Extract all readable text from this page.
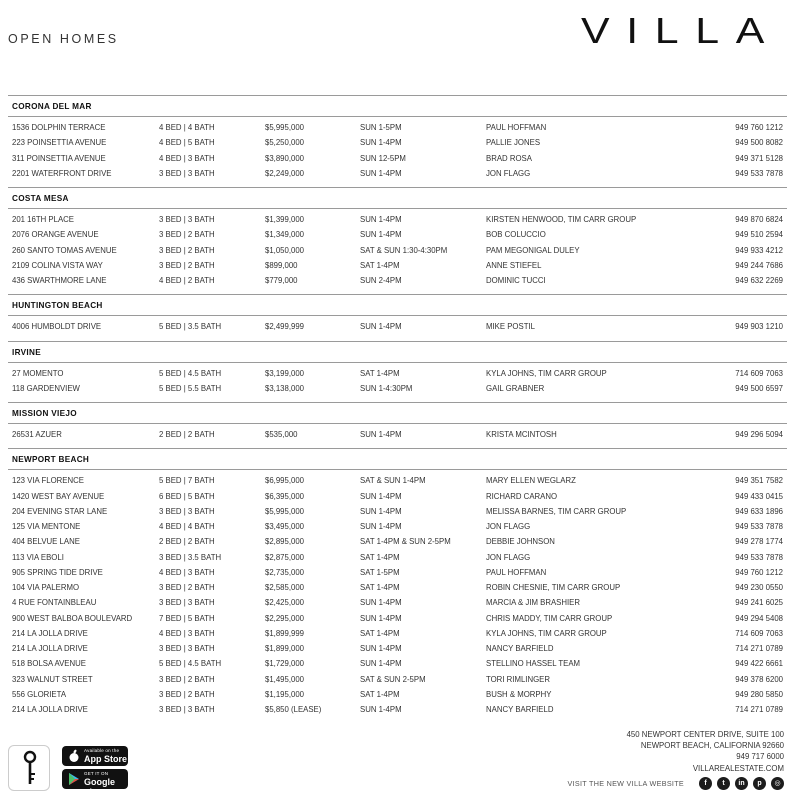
OPEN HOMES	VILLA
CORONA DEL MAR
1536 DOLPHIN TERRACE	4 BED | 4 BATH	$5,995,000	SUN 1-5PM	PAUL HOFFMAN	949 760 1212
223 POINSETTIA AVENUE	4 BED | 5 BATH	$5,250,000	SUN 1-4PM	PALLIE JONES	949 500 8082
311 POINSETTIA AVENUE	4 BED | 3 BATH	$3,890,000	SUN 12-5PM	BRAD ROSA	949 371 5128
2201 WATERFRONT DRIVE	3 BED | 3 BATH	$2,249,000	SUN 1-4PM	JON FLAGG	949 533 7878
COSTA MESA
201 16TH PLACE	3 BED | 3 BATH	$1,399,000	SUN 1-4PM	KIRSTEN HENWOOD, TIM CARR GROUP	949 870 6824
2076 ORANGE AVENUE	3 BED | 2 BATH	$1,349,000	SUN 1-4PM	BOB COLUCCIO	949 510 2594
260 SANTO TOMAS AVENUE	3 BED | 2 BATH	$1,050,000	SAT & SUN 1:30-4:30PM	PAM MEGONIGAL DULEY	949 933 4212
2109 COLINA VISTA WAY	3 BED | 2 BATH	$899,000	SAT 1-4PM	ANNE STIEFEL	949 244 7686
436 SWARTHMORE LANE	4 BED | 2 BATH	$779,000	SUN 2-4PM	DOMINIC TUCCI	949 632 2269
HUNTINGTON BEACH
4006 HUMBOLDT DRIVE	5 BED | 3.5 BATH	$2,499,999	SUN 1-4PM	MIKE POSTIL	949 903 1210
IRVINE
27 MOMENTO	5 BED | 4.5 BATH	$3,199,000	SAT 1-4PM	KYLA JOHNS, TIM CARR GROUP	714 609 7063
118 GARDENVIEW	5 BED | 5.5 BATH	$3,138,000	SUN 1-4:30PM	GAIL GRABNER	949 500 6597
MISSION VIEJO
26531 AZUER	2 BED | 2 BATH	$535,000	SUN 1-4PM	KRISTA MCINTOSH	949 296 5094
NEWPORT BEACH
123 VIA FLORENCE	5 BED | 7 BATH	$6,995,000	SAT & SUN 1-4PM	MARY ELLEN WEGLARZ	949 351 7582
1420 WEST BAY AVENUE	6 BED | 5 BATH	$6,395,000	SUN 1-4PM	RICHARD CARANO	949 433 0415
204 EVENING STAR LANE	3 BED | 3 BATH	$5,995,000	SUN 1-4PM	MELISSA BARNES, TIM CARR GROUP	949 633 1896
125 VIA MENTONE	4 BED | 4 BATH	$3,495,000	SUN 1-4PM	JON FLAGG	949 533 7878
404 BELVUE LANE	2 BED | 2 BATH	$2,895,000	SAT 1-4PM & SUN 2-5PM	DEBBIE JOHNSON	949 278 1774
113 VIA EBOLI	3 BED | 3.5 BATH	$2,875,000	SAT 1-4PM	JON FLAGG	949 533 7878
905 SPRING TIDE DRIVE	4 BED | 3 BATH	$2,735,000	SAT 1-5PM	PAUL HOFFMAN	949 760 1212
104 VIA PALERMO	3 BED | 2 BATH	$2,585,000	SAT 1-4PM	ROBIN CHESNIE, TIM CARR GROUP	949 230 0550
4 RUE FONTAINBLEAU	3 BED | 3 BATH	$2,425,000	SUN 1-4PM	MARCIA & JIM BRASHIER	949 241 6025
900 WEST BALBOA BOULEVARD	7 BED | 5 BATH	$2,295,000	SUN 1-4PM	CHRIS MADDY, TIM CARR GROUP	949 294 5408
214 LA JOLLA DRIVE	4 BED | 3 BATH	$1,899,999	SAT 1-4PM	KYLA JOHNS, TIM CARR GROUP	714 609 7063
214 LA JOLLA DRIVE	3 BED | 3 BATH	$1,899,000	SUN 1-4PM	NANCY BARFIELD	714 271 0789
518 BOLSA AVENUE	5 BED | 4.5 BATH	$1,729,000	SUN 1-4PM	STELLINO HASSEL TEAM	949 422 6661
323 WALNUT STREET	3 BED | 2 BATH	$1,495,000	SAT & SUN 2-5PM	TORI RIMLINGER	949 378 6200
556 GLORIETA	3 BED | 2 BATH	$1,195,000	SAT 1-4PM	BUSH & MORPHY	949 280 5850
214 LA JOLLA DRIVE	3 BED | 3 BATH	$5,850 (LEASE)	SUN 1-4PM	NANCY BARFIELD	714 271 0789
Available on the
App Store
GET IT ON
Google play
450 NEWPORT CENTER DRIVE, SUITE 100
NEWPORT BEACH, CALIFORNIA 92660
949 717 6000
VILLAREALESTATE.COM
VISIT THE NEW VILLA WEBSITE	f	t	in	p	◎
